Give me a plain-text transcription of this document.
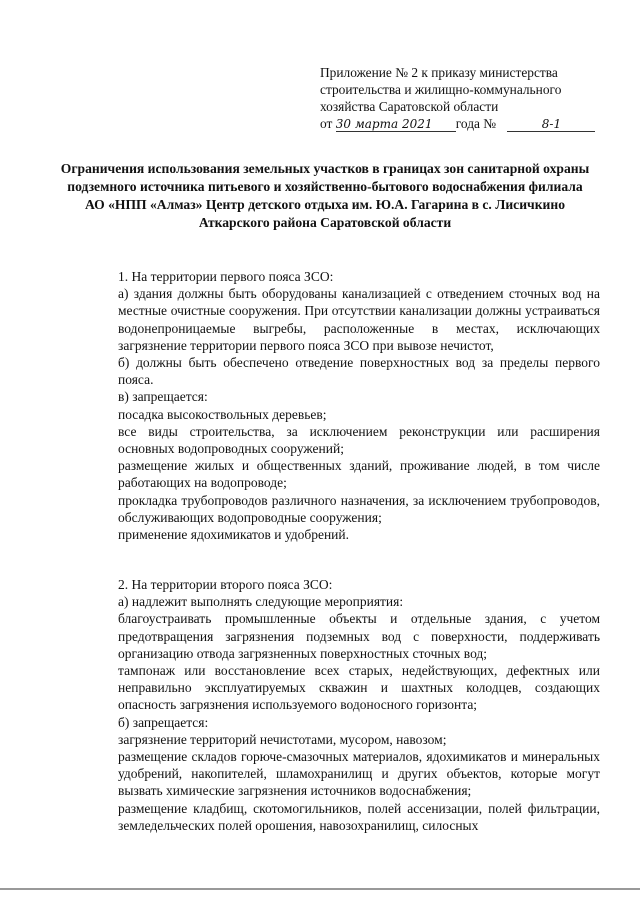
Приложение № 2 к приказу министерства
строительства и жилищно-коммунального
хозяйства Саратовской области
от 30 марта 2021 года №	8-1
Ограничения использования земельных участков в границах зон санитарной охраны подземного источника питьевого и хозяйственно-бытового водоснабжения филиала АО «НПП «Алмаз» Центр детского отдыха им. Ю.А. Гагарина в с. Лисичкино Аткарского района Саратовской области

1. На территории первого пояса ЗСО:

а) здания должны быть оборудованы канализацией с отведением сточных вод на местные очистные сооружения. При отсутствии канализации должны устраиваться водонепроницаемые выгребы, расположенные в местах, исключающих загрязнение территории первого пояса ЗСО при вывозе нечистот,

б) должны быть обеспечено отведение поверхностных вод за пределы первого пояса.

в) запрещается:

посадка высокоствольных деревьев;

все виды строительства, за исключением реконструкции или расширения основных водопроводных сооружений;

размещение жилых и общественных зданий, проживание людей, в том числе работающих на водопроводе;

прокладка трубопроводов различного назначения, за исключением трубопроводов, обслуживающих водопроводные сооружения;

применение ядохимикатов и удобрений.

2. На территории второго пояса ЗСО:

а) надлежит выполнять следующие мероприятия:

благоустраивать промышленные объекты и отдельные здания, с учетом предотвращения загрязнения подземных вод с поверхности, поддерживать организацию отвода загрязненных поверхностных сточных вод;

тампонаж или восстановление всех старых, недействующих, дефектных или неправильно эксплуатируемых скважин и шахтных колодцев, создающих опасность загрязнения используемого водоносного горизонта;

б) запрещается:

загрязнение территорий нечистотами, мусором, навозом;

размещение складов горюче-смазочных материалов, ядохимикатов и минеральных удобрений, накопителей, шламохранилищ и других объектов, которые могут вызвать химические загрязнения источников водоснабжения;

размещение кладбищ, скотомогильников, полей ассенизации, полей фильтрации, земледельческих полей орошения, навозохранилищ, силосных
